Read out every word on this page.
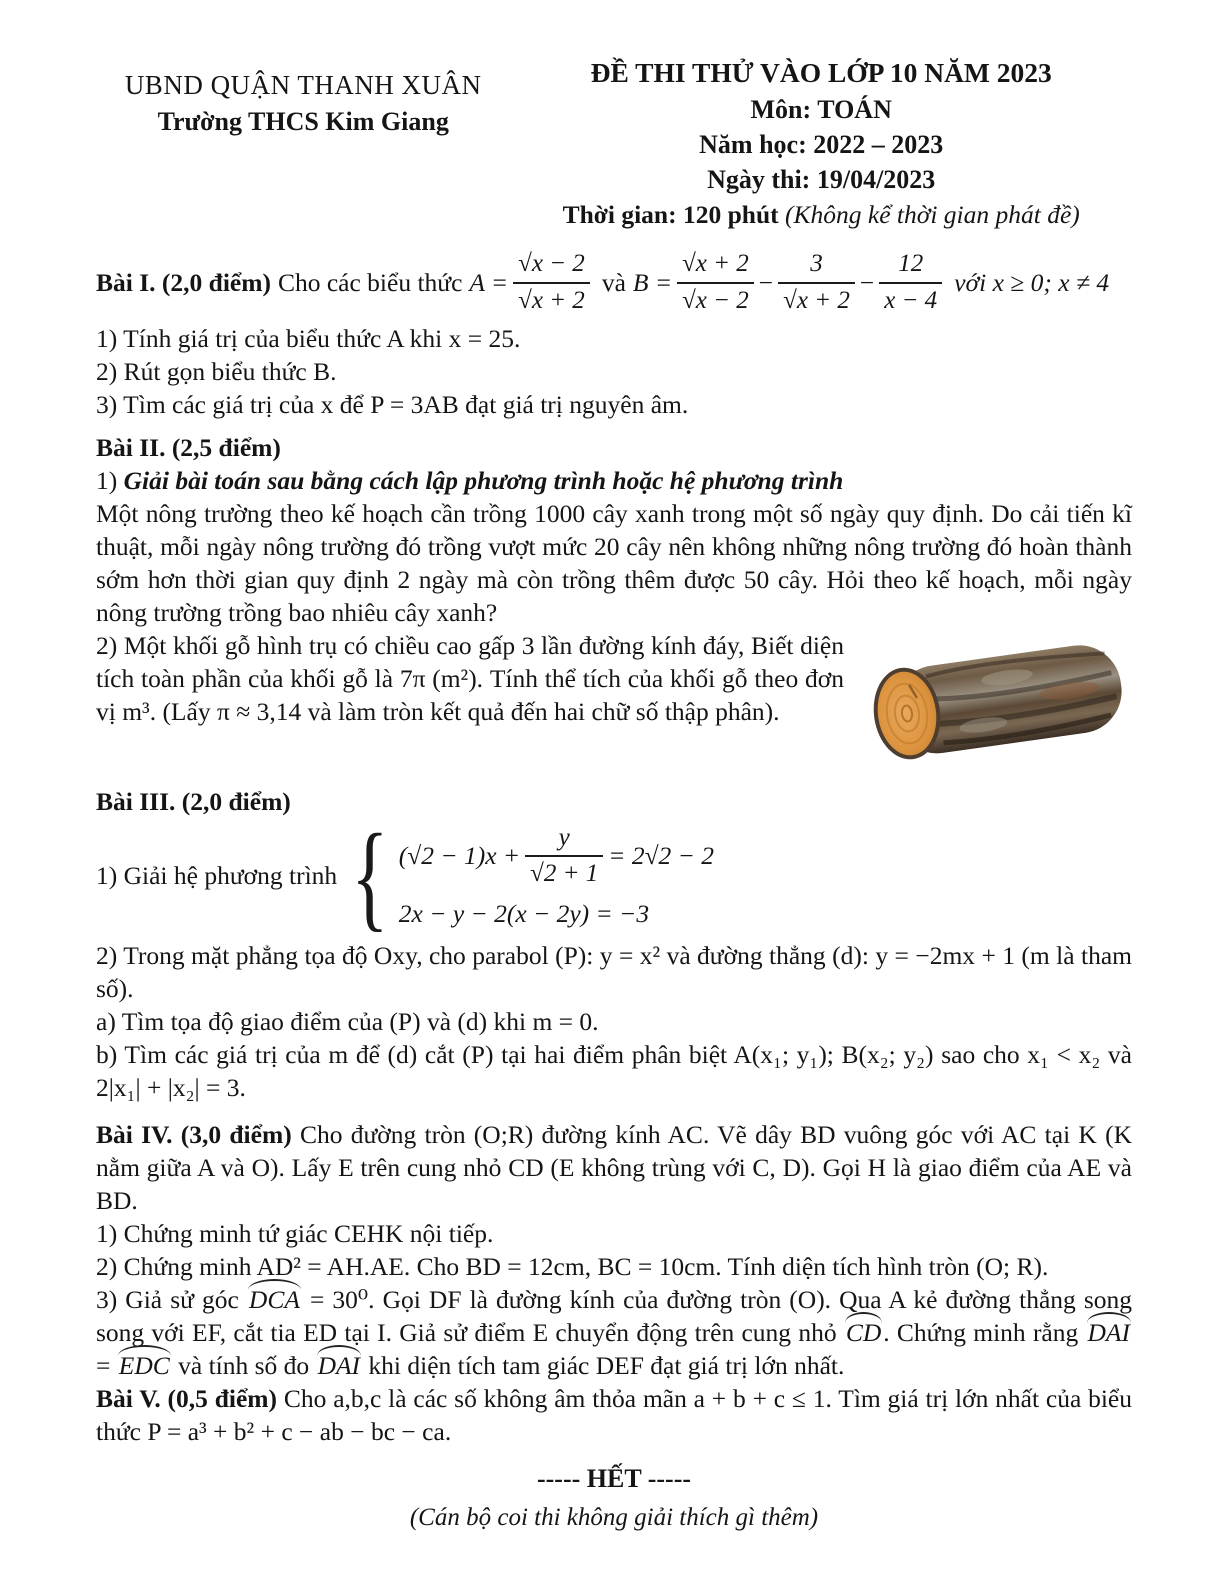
UBND QUẬN THANH XUÂN
Trường THCS Kim Giang
ĐỀ THI THỬ VÀO LỚP 10 NĂM 2023
Môn: TOÁN
Năm học: 2022 – 2023
Ngày thi: 19/04/2023
Thời gian: 120 phút (Không kể thời gian phát đề)
Bài I. (2,0 điểm) Cho các biểu thức $A = \frac{√x - 2}{√x + 2}$ và $B = \frac{√x + 2}{√x - 2} - \frac{3}{√x + 2} - \frac{12}{x - 4}$ với x ≥ 0; x ≠ 4

1) Tính giá trị của biểu thức A khi x = 25.

2) Rút gọn biểu thức B.

3) Tìm các giá trị của x để P = 3AB đạt giá trị nguyên âm.

Bài II. (2,5 điểm)

1) Giải bài toán sau bằng cách lập phương trình hoặc hệ phương trình

Một nông trường theo kế hoạch cần trồng 1000 cây xanh trong một số ngày quy định. Do cải tiến kĩ thuật, mỗi ngày nông trường đó trồng vượt mức 20 cây nên không những nông trường đó hoàn thành sớm hơn thời gian quy định 2 ngày mà còn trồng thêm được 50 cây. Hỏi theo kế hoạch, mỗi ngày nông trường trồng bao nhiêu cây xanh?

2) Một khối gỗ hình trụ có chiều cao gấp 3 lần đường kính đáy, Biết diện tích toàn phần của khối gỗ là 7π (m²). Tính thể tích của khối gỗ theo đơn vị m³. (Lấy π ≈ 3,14 và làm tròn kết quả đến hai chữ số thập phân).

Bài III. (2,0 điểm)

1) Giải hệ phương trình { $(√2 - 1)x + \frac{y}{√2 + 1} = 2√2 - 2$
2x − y − 2(x − 2y) = −3

2) Trong mặt phẳng tọa độ Oxy, cho parabol (P): y = x² và đường thẳng (d): y = −2mx + 1 (m là tham số).

a) Tìm tọa độ giao điểm của (P) và (d) khi m = 0.

b) Tìm các giá trị của m để (d) cắt (P) tại hai điểm phân biệt A(x₁; y₁); B(x₂; y₂) sao cho x₁ < x₂ và 2|x₁| + |x₂| = 3.

Bài IV. (3,0 điểm) Cho đường tròn (O;R) đường kính AC. Vẽ dây BD vuông góc với AC tại K (K nằm giữa A và O). Lấy E trên cung nhỏ CD (E không trùng với C, D). Gọi H là giao điểm của AE và BD.

1) Chứng minh tứ giác CEHK nội tiếp.

2) Chứng minh AD² = AH.AE. Cho BD = 12cm, BC = 10cm. Tính diện tích hình tròn (O; R).

3) Giả sử góc DCA = 30⁰. Gọi DF là đường kính của đường tròn (O). Qua A kẻ đường thẳng song song với EF, cắt tia ED tại I. Giả sử điểm E chuyển động trên cung nhỏ CD. Chứng minh rằng DAI = EDC và tính số đo DAI khi diện tích tam giác DEF đạt giá trị lớn nhất.

Bài V. (0,5 điểm) Cho a,b,c là các số không âm thỏa mãn a + b + c ≤ 1. Tìm giá trị lớn nhất của biểu thức P = a³ + b² + c − ab − bc − ca.

----- HẾT -----

(Cán bộ coi thi không giải thích gì thêm)
